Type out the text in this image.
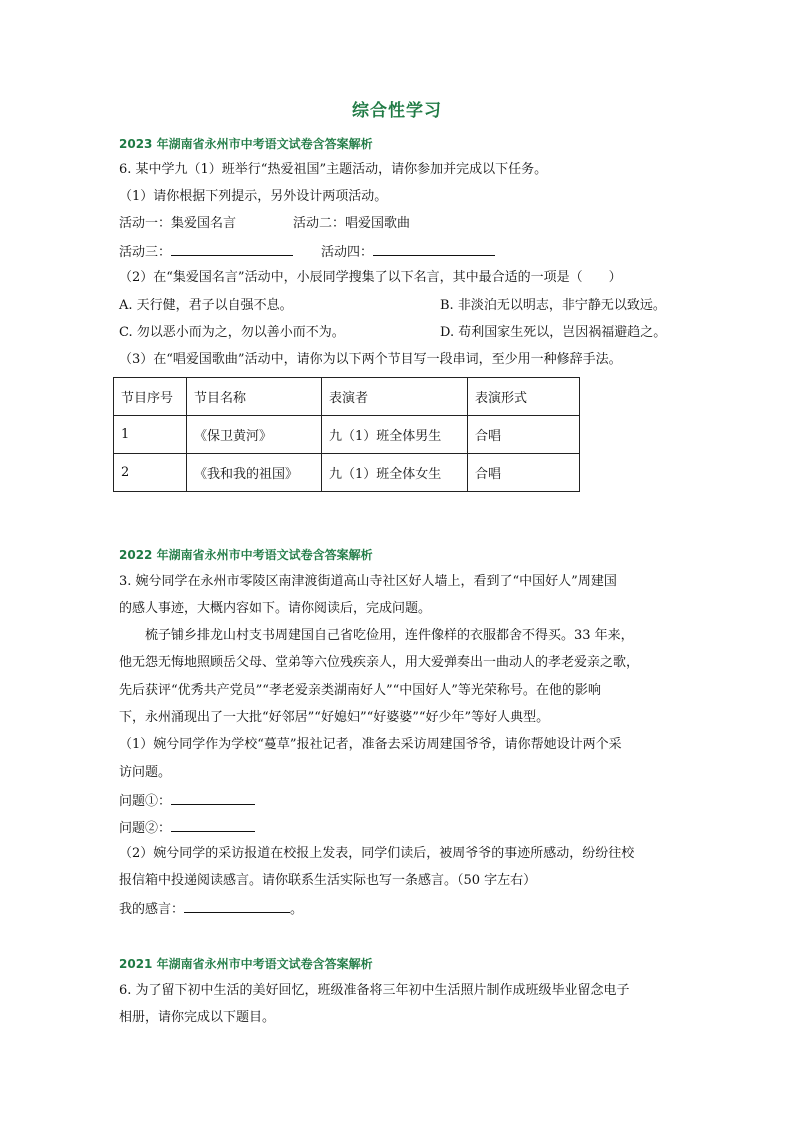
综合性学习
2023 年湖南省永州市中考语文试卷含答案解析
6. 某中学九（1）班举行“热爱祖国”主题活动，请你参加并完成以下任务。
（1）请你根据下列提示，另外设计两项活动。
活动一：集爱国名言	活动二：唱爱国歌曲
活动三：	活动四：
（2）在“集爱国名言”活动中，小辰同学搜集了以下名言，其中最合适的一项是（　　）
A. 天行健，君子以自强不息。	B. 非淡泊无以明志，非宁静无以致远。
C. 勿以恶小而为之，勿以善小而不为。	D. 苟利国家生死以，岂因祸福避趋之。
（3）在“唱爱国歌曲”活动中，请你为以下两个节目写一段串词，至少用一种修辞手法。
节目序号	节目名称	表演者	表演形式
1	《保卫黄河》	九（1）班全体男生	合唱
2	《我和我的祖国》	九（1）班全体女生	合唱
2022 年湖南省永州市中考语文试卷含答案解析
3. 婉兮同学在永州市零陵区南津渡街道高山寺社区好人墙上，看到了“中国好人”周建国
的感人事迹，大概内容如下。请你阅读后，完成问题。
梳子铺乡排龙山村支书周建国自己省吃俭用，连件像样的衣服都舍不得买。33 年来，
他无怨无悔地照顾岳父母、堂弟等六位残疾亲人，用大爱弹奏出一曲动人的孝老爱亲之歌，
先后获评“优秀共产党员”“孝老爱亲类湖南好人”“中国好人”等光荣称号。在他的影响
下，永州涌现出了一大批“好邻居”“好媳妇”“好婆婆”“好少年”等好人典型。
（1）婉兮同学作为学校“蔓草”报社记者，准备去采访周建国爷爷，请你帮她设计两个采
访问题。
问题①：
问题②：
（2）婉兮同学的采访报道在校报上发表，同学们读后，被周爷爷的事迹所感动，纷纷往校
报信箱中投递阅读感言。请你联系生活实际也写一条感言。（50 字左右）
我的感言：	。
2021 年湖南省永州市中考语文试卷含答案解析
6. 为了留下初中生活的美好回忆，班级准备将三年初中生活照片制作成班级毕业留念电子
相册，请你完成以下题目。
